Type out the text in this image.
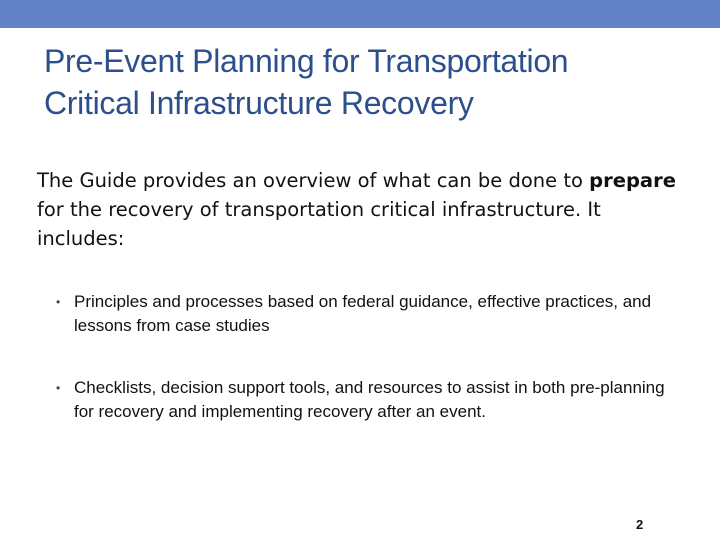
Pre-Event Planning for Transportation
Critical Infrastructure Recovery

The Guide provides an overview of what can be done to prepare for the recovery of transportation critical infrastructure. It includes:

• Principles and processes based on federal guidance, effective practices, and lessons from case studies
• Checklists, decision support tools, and resources to assist in both pre-planning for recovery and implementing recovery after an event.
2
